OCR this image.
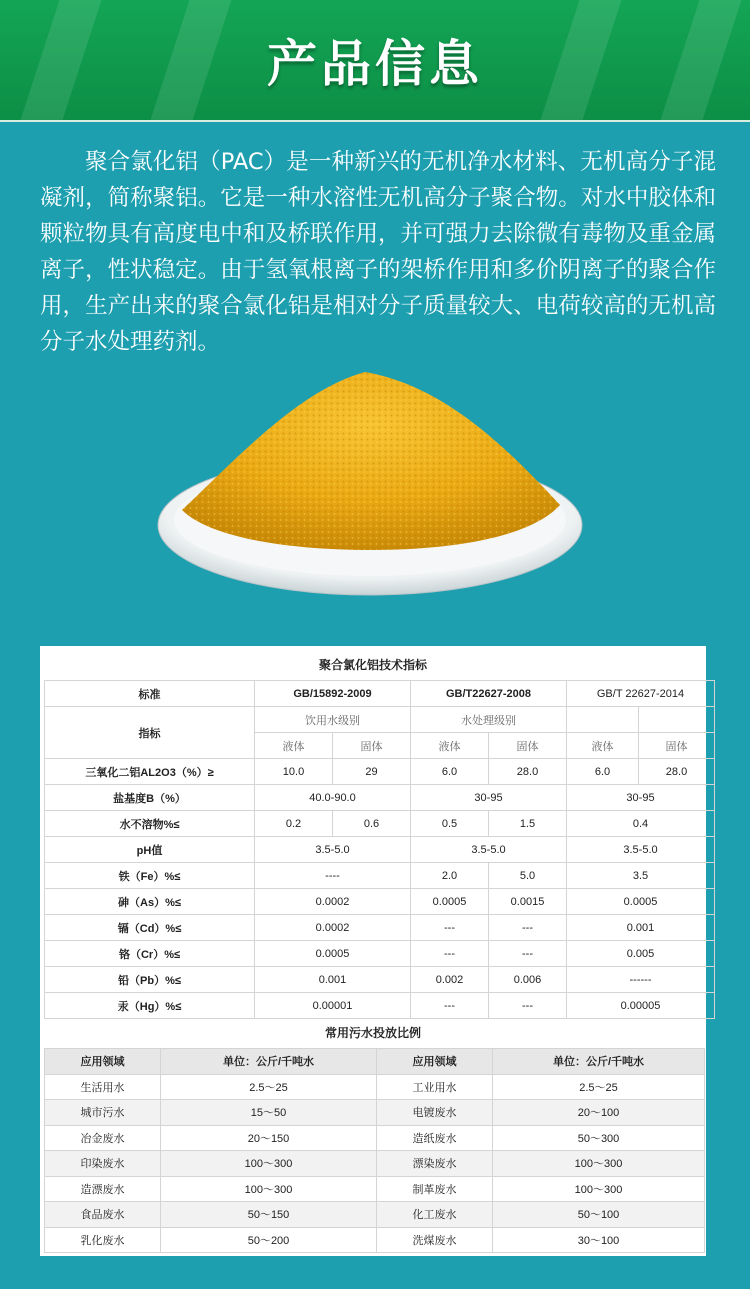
产品信息

聚合氯化铝（PAC）是一种新兴的无机净水材料、无机高分子混凝剂，简称聚铝。它是一种水溶性无机高分子聚合物。对水中胶体和颗粒物具有高度电中和及桥联作用，并可强力去除微有毒物及重金属离子，性状稳定。由于氢氧根离子的架桥作用和多价阴离子的聚合作用，生产出来的聚合氯化铝是相对分子质量较大、电荷较高的无机高分子水处理药剂。

聚合氯化铝技术指标
标准	GB/15892-2009		GB/T22627-2008		GB/T 22627-2014	
指标	饮用水级别		水处理级别			
	液体	固体	液体	固体	液体	固体
三氧化二铝AL2O3（%）≥	10.0	29	6.0	28.0	6.0	28.0
盐基度B（%）	40.0-90.0		30-95		30-95	
水不溶物%≤	0.2	0.6	0.5	1.5	0.4	
pH值	3.5-5.0		3.5-5.0		3.5-5.0	
铁（Fe）%≤	----		2.0	5.0	3.5	
砷（As）%≤	0.0002		0.0005	0.0015	0.0005	
镉（Cd）%≤	0.0002		---	---	0.001	
铬（Cr）%≤	0.0005		---	---	0.005	
铅（Pb）%≤	0.001		0.002	0.006	------	
汞（Hg）%≤	0.00001		---	---	0.00005	
常用污水投放比例
应用领域	单位：公斤/千吨水	应用领域	单位：公斤/千吨水
生活用水	2.5～25	工业用水	2.5～25
城市污水	15～50	电镀废水	20～100
冶金废水	20～150	造纸废水	50～300
印染废水	100～300	漂染废水	100～300
造漂废水	100～300	制革废水	100～300
食品废水	50～150	化工废水	50～100
乳化废水	50～200	洗煤废水	30～100
